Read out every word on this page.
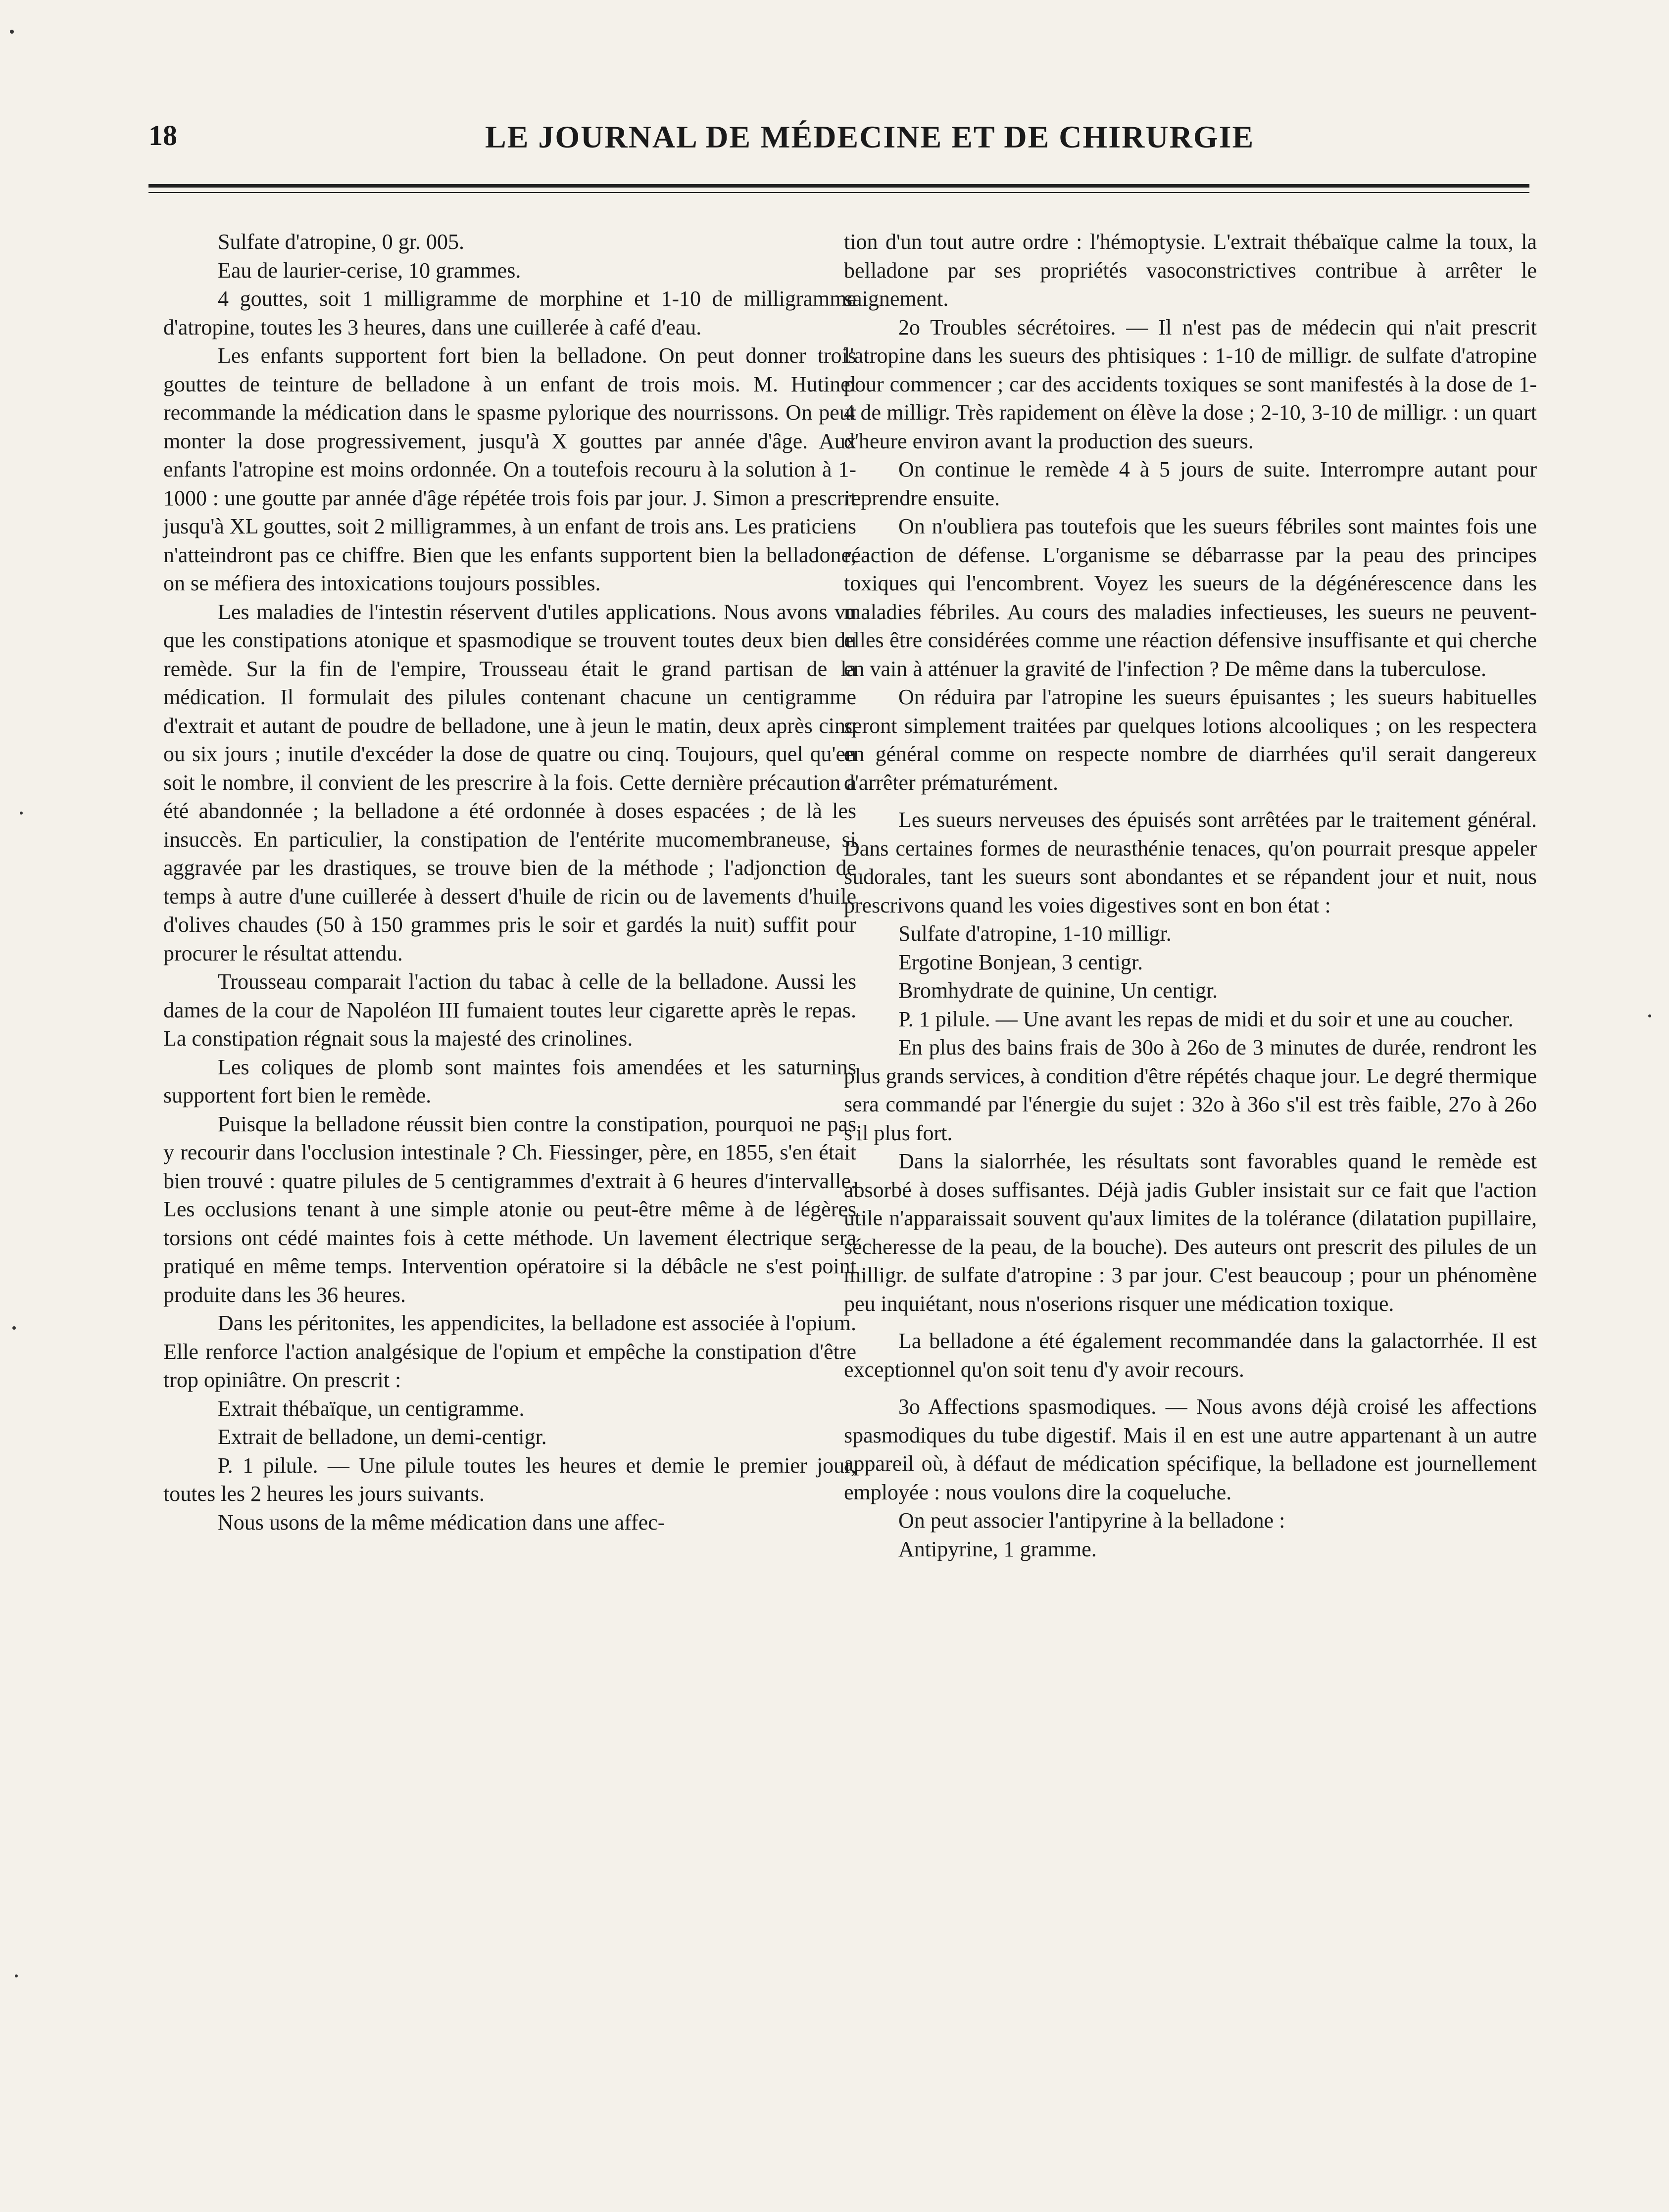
18	LE JOURNAL DE MÉDECINE ET DE CHIRURGIE

Sulfate d'atropine, 0 gr. 005.

Eau de laurier-cerise, 10 grammes.

4 gouttes, soit 1 milligramme de morphine et 1-10 de milligramme d'atropine, toutes les 3 heures, dans une cuillerée à café d'eau.

Les enfants supportent fort bien la belladone. On peut donner trois gouttes de teinture de belladone à un enfant de trois mois. M. Hutinel recommande la médication dans le spasme pylorique des nourrissons. On peut monter la dose progressivement, jusqu'à X gouttes par année d'âge. Aux enfants l'atropine est moins ordonnée. On a toutefois recouru à la solution à 1-1000 : une goutte par année d'âge répétée trois fois par jour. J. Simon a prescrit jusqu'à XL gouttes, soit 2 milligrammes, à un enfant de trois ans. Les praticiens n'atteindront pas ce chiffre. Bien que les enfants supportent bien la belladone, on se méfiera des intoxications toujours possibles.

Les maladies de l'intestin réservent d'utiles applications. Nous avons vu que les constipations atonique et spasmodique se trouvent toutes deux bien du remède. Sur la fin de l'empire, Trousseau était le grand partisan de la médication. Il formulait des pilules contenant chacune un centigramme d'extrait et autant de poudre de belladone, une à jeun le matin, deux après cinq ou six jours ; inutile d'excéder la dose de quatre ou cinq. Toujours, quel qu'en soit le nombre, il convient de les prescrire à la fois. Cette dernière précaution a été abandonnée ; la belladone a été ordonnée à doses espacées ; de là les insuccès. En particulier, la constipation de l'entérite mucomembraneuse, si aggravée par les drastiques, se trouve bien de la méthode ; l'adjonction de temps à autre d'une cuillerée à dessert d'huile de ricin ou de lavements d'huile d'olives chaudes (50 à 150 grammes pris le soir et gardés la nuit) suffit pour procurer le résultat attendu.

Trousseau comparait l'action du tabac à celle de la belladone. Aussi les dames de la cour de Napoléon III fumaient toutes leur cigarette après le repas. La constipation régnait sous la majesté des crinolines.

Les coliques de plomb sont maintes fois amendées et les saturnins supportent fort bien le remède.

Puisque la belladone réussit bien contre la constipation, pourquoi ne pas y recourir dans l'occlusion intestinale ? Ch. Fiessinger, père, en 1855, s'en était bien trouvé : quatre pilules de 5 centigrammes d'extrait à 6 heures d'intervalle. Les occlusions tenant à une simple atonie ou peut-être même à de légères torsions ont cédé maintes fois à cette méthode. Un lavement électrique sera pratiqué en même temps. Intervention opératoire si la débâcle ne s'est point produite dans les 36 heures.

Dans les péritonites, les appendicites, la belladone est associée à l'opium. Elle renforce l'action analgésique de l'opium et empêche la constipation d'être trop opiniâtre. On prescrit :

Extrait thébaïque, un centigramme.

Extrait de belladone, un demi-centigr.

P. 1 pilule. — Une pilule toutes les heures et demie le premier jour, toutes les 2 heures les jours suivants.

Nous usons de la même médication dans une affec-

tion d'un tout autre ordre : l'hémoptysie. L'extrait thébaïque calme la toux, la belladone par ses propriétés vasoconstrictives contribue à arrêter le saignement.

2o Troubles sécrétoires. — Il n'est pas de médecin qui n'ait prescrit l'atropine dans les sueurs des phtisiques : 1-10 de milligr. de sulfate d'atropine pour commencer ; car des accidents toxiques se sont manifestés à la dose de 1-4 de milligr. Très rapidement on élève la dose ; 2-10, 3-10 de milligr. : un quart d'heure environ avant la production des sueurs.

On continue le remède 4 à 5 jours de suite. Interrompre autant pour reprendre ensuite.

On n'oubliera pas toutefois que les sueurs fébriles sont maintes fois une réaction de défense. L'organisme se débarrasse par la peau des principes toxiques qui l'encombrent. Voyez les sueurs de la dégénérescence dans les maladies fébriles. Au cours des maladies infectieuses, les sueurs ne peuvent-elles être considérées comme une réaction défensive insuffisante et qui cherche en vain à atténuer la gravité de l'infection ? De même dans la tuberculose.

On réduira par l'atropine les sueurs épuisantes ; les sueurs habituelles seront simplement traitées par quelques lotions alcooliques ; on les respectera en général comme on respecte nombre de diarrhées qu'il serait dangereux d'arrêter prématurément.

Les sueurs nerveuses des épuisés sont arrêtées par le traitement général. Dans certaines formes de neurasthénie tenaces, qu'on pourrait presque appeler sudorales, tant les sueurs sont abondantes et se répandent jour et nuit, nous prescrivons quand les voies digestives sont en bon état :

Sulfate d'atropine, 1-10 milligr.

Ergotine Bonjean, 3 centigr.

Bromhydrate de quinine, Un centigr.

P. 1 pilule. — Une avant les repas de midi et du soir et une au coucher.

En plus des bains frais de 30o à 26o de 3 minutes de durée, rendront les plus grands services, à condition d'être répétés chaque jour. Le degré thermique sera commandé par l'énergie du sujet : 32o à 36o s'il est très faible, 27o à 26o s'il plus fort.

Dans la sialorrhée, les résultats sont favorables quand le remède est absorbé à doses suffisantes. Déjà jadis Gubler insistait sur ce fait que l'action utile n'apparaissait souvent qu'aux limites de la tolérance (dilatation pupillaire, sécheresse de la peau, de la bouche). Des auteurs ont prescrit des pilules de un milligr. de sulfate d'atropine : 3 par jour. C'est beaucoup ; pour un phénomène peu inquiétant, nous n'oserions risquer une médication toxique.

La belladone a été également recommandée dans la galactorrhée. Il est exceptionnel qu'on soit tenu d'y avoir recours.

3o Affections spasmodiques. — Nous avons déjà croisé les affections spasmodiques du tube digestif. Mais il en est une autre appartenant à un autre appareil où, à défaut de médication spécifique, la belladone est journellement employée : nous voulons dire la coqueluche.

On peut associer l'antipyrine à la belladone :

Antipyrine, 1 gramme.
